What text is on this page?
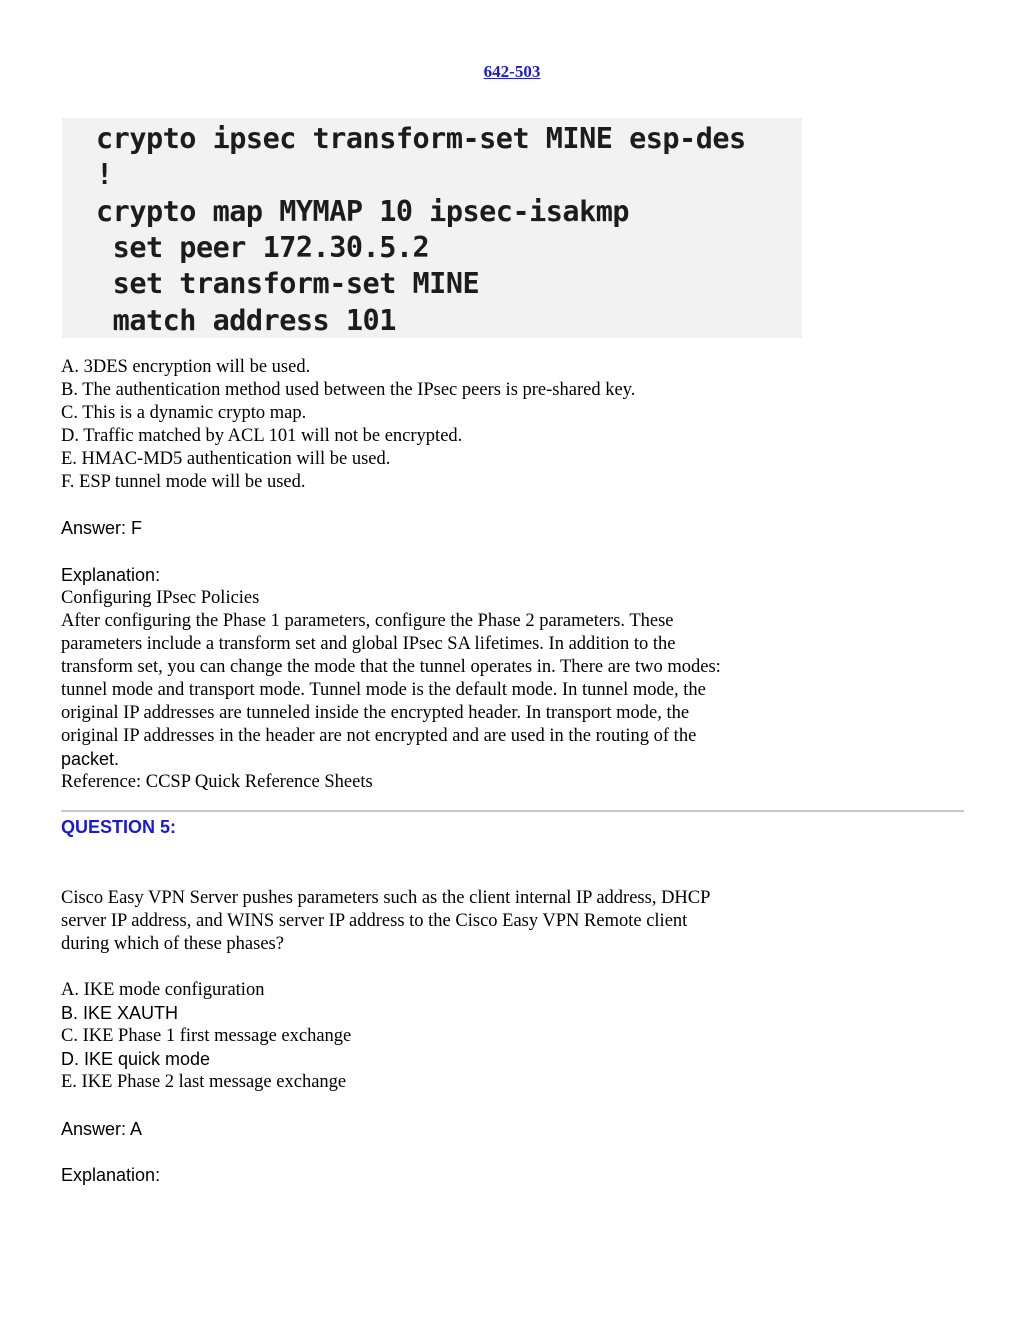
642-503
crypto ipsec transform-set MINE esp-des
!
crypto map MYMAP 10 ipsec-isakmp
set peer 172.30.5.2
set transform-set MINE
match address 101
A. 3DES encryption will be used.
B. The authentication method used between the IPsec peers is pre-shared key.
C. This is a dynamic crypto map.
D. Traffic matched by ACL 101 will not be encrypted.
E. HMAC-MD5 authentication will be used.
F. ESP tunnel mode will be used.
Answer: F
Explanation:
Configuring IPsec Policies
After configuring the Phase 1 parameters, configure the Phase 2 parameters. These
parameters include a transform set and global IPsec SA lifetimes. In addition to the
transform set, you can change the mode that the tunnel operates in. There are two modes:
tunnel mode and transport mode. Tunnel mode is the default mode. In tunnel mode, the
original IP addresses are tunneled inside the encrypted header. In transport mode, the
original IP addresses in the header are not encrypted and are used in the routing of the
packet.
Reference: CCSP Quick Reference Sheets
QUESTION 5:
Cisco Easy VPN Server pushes parameters such as the client internal IP address, DHCP
server IP address, and WINS server IP address to the Cisco Easy VPN Remote client
during which of these phases?
A. IKE mode configuration
B. IKE XAUTH
C. IKE Phase 1 first message exchange
D. IKE quick mode
E. IKE Phase 2 last message exchange
Answer: A
Explanation:
